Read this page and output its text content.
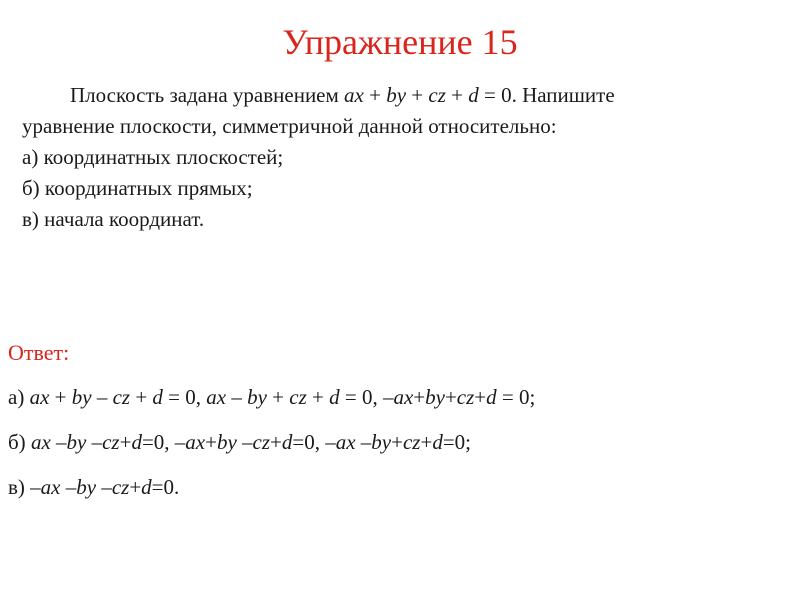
Упражнение 15

Плоскость задана уравнением ax + by + cz + d = 0. Напишите

уравнение плоскости, симметричной данной относительно:

а) координатных плоскостей;

б) координатных прямых;

в) начала координат.

Ответ:
а) ax + by – cz + d = 0, ax – by + cz + d = 0, –ax+by+cz+d = 0;
б) ax –by –cz+d=0, –ax+by –cz+d=0, –ax –by+cz+d=0;
в) –ax –by –cz+d=0.
